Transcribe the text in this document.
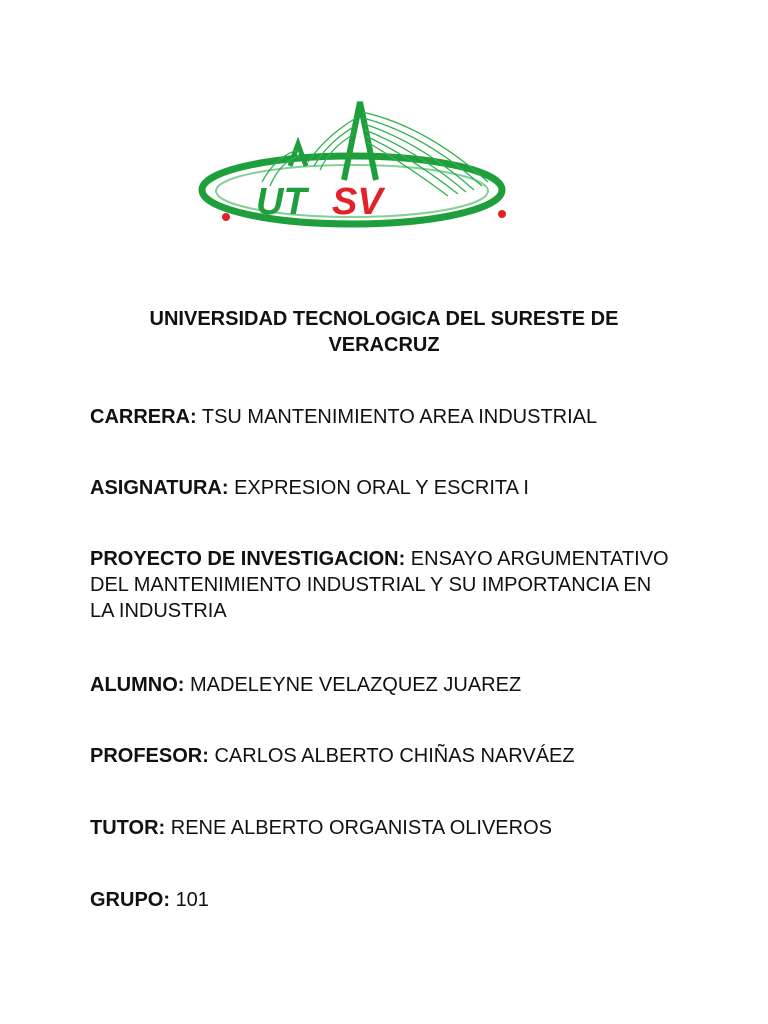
UT SV
UNIVERSIDAD TECNOLOGICA DEL SURESTE DE
VERACRUZ
CARRERA: TSU MANTENIMIENTO AREA INDUSTRIAL
ASIGNATURA: EXPRESION ORAL Y ESCRITA I
PROYECTO DE INVESTIGACION: ENSAYO ARGUMENTATIVO
DEL MANTENIMIENTO INDUSTRIAL Y SU IMPORTANCIA EN
LA INDUSTRIA
ALUMNO: MADELEYNE VELAZQUEZ JUAREZ
PROFESOR: CARLOS ALBERTO CHIÑAS NARVÁEZ
TUTOR: RENE ALBERTO ORGANISTA OLIVEROS
GRUPO: 101
